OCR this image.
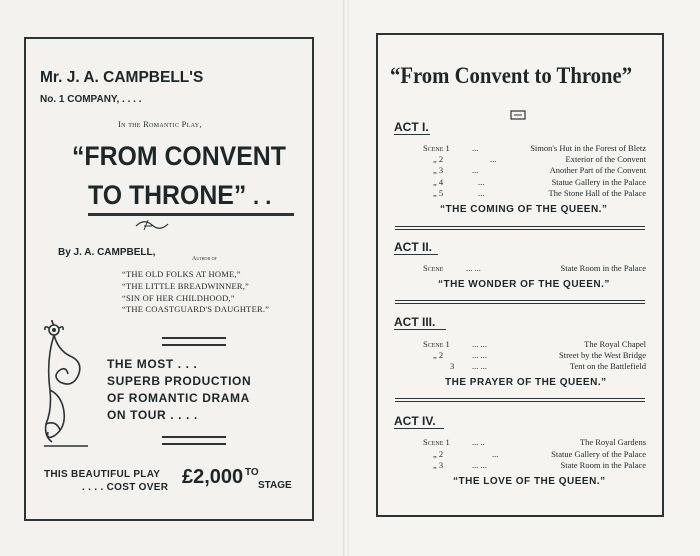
Mr. J. A. CAMPBELL'S
No. 1 COMPANY, . . . .
In the Romantic Play,
“FROM CONVENT
TO THRONE” . .
By J. A. CAMPBELL,
Author of
“THE OLD FOLKS AT HOME,”
“THE LITTLE BREADWINNER,”
“SIN OF HER CHILDHOOD,”
“THE COASTGUARD'S DAUGHTER.”
THE MOST . . .
SUPERB PRODUCTION
OF ROMANTIC DRAMA
ON TOUR . . . .
THIS BEAUTIFUL PLAY
. . . . COST OVER £2,000 TO
STAGE
“From Convent to Throne”
ACT I.
Scene 1	...	Simon's Hut in the Forest of Bletz
„ 2	...	Exterior of the Convent
„ 3	...	Another Part of the Convent
„ 4	...	Statue Gallery in the Palace
„ 5	...	The Stone Hall of the Palace
“THE COMING OF THE QUEEN.”
ACT II.
Scene	... ...	State Room in the Palace
“THE WONDER OF THE QUEEN.”
ACT III.
Scene 1	... ...	The Royal Chapel
„ 2	... ...	Street by the West Bridge
3 ... ...	Tent on the Battlefield
THE PRAYER OF THE QUEEN.”
ACT IV.
Scene 1	... ..	The Royal Gardens
„ 2	...	Statue Gallery of the Palace
„ 3	... ...	State Room in the Palace
“THE LOVE OF THE QUEEN.”
